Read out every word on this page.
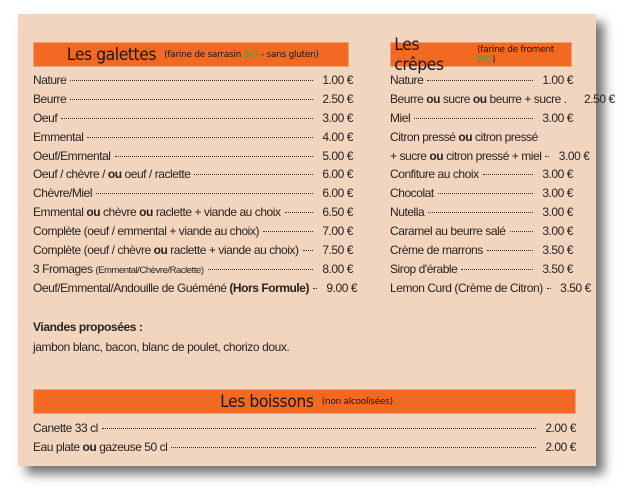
Les galettes (farine de sarrasin BIO - sans gluten)
Nature	1.00 €
Beurre	2.50 €
Oeuf	3.00 €
Emmental	4.00 €
Oeuf/Emmental	5.00 €
Oeuf / chèvre / ou oeuf / raclette	6.00 €
Chèvre/Miel	6.00 €
Emmental ou chèvre ou raclette + viande au choix	6.50 €
Complète (oeuf / emmental + viande au choix)	7.00 €
Complète (oeuf / chèvre ou raclette + viande au choix)	7.50 €
3 Fromages (Emmental/Chèvre/Raclette)	8.00 €
Oeuf/Emmental/Andouille de Guéméné (Hors Formule)	9.00 €
Viandes proposées :
jambon blanc, bacon, blanc de poulet, chorizo doux.
Les crêpes
(farine de froment BIO)
Nature	1.00 €
Beurre ou sucre ou beurre + sucre .	2.50 €
Miel	3.00 €
Citron pressé ou citron pressé
+ sucre ou citron pressé + miel	3.00 €
Confiture au choix	3.00 €
Chocolat	3.00 €
Nutella	3.00 €
Caramel au beurre salé	3.00 €
Crème de marrons	3.50 €
Sirop d'érable	3.50 €
Lemon Curd (Crème de Citron)	3.50 €
Les boissons (non alcoolisées)
Canette 33 cl	2.00 €
Eau plate ou gazeuse 50 cl	2.00 €
